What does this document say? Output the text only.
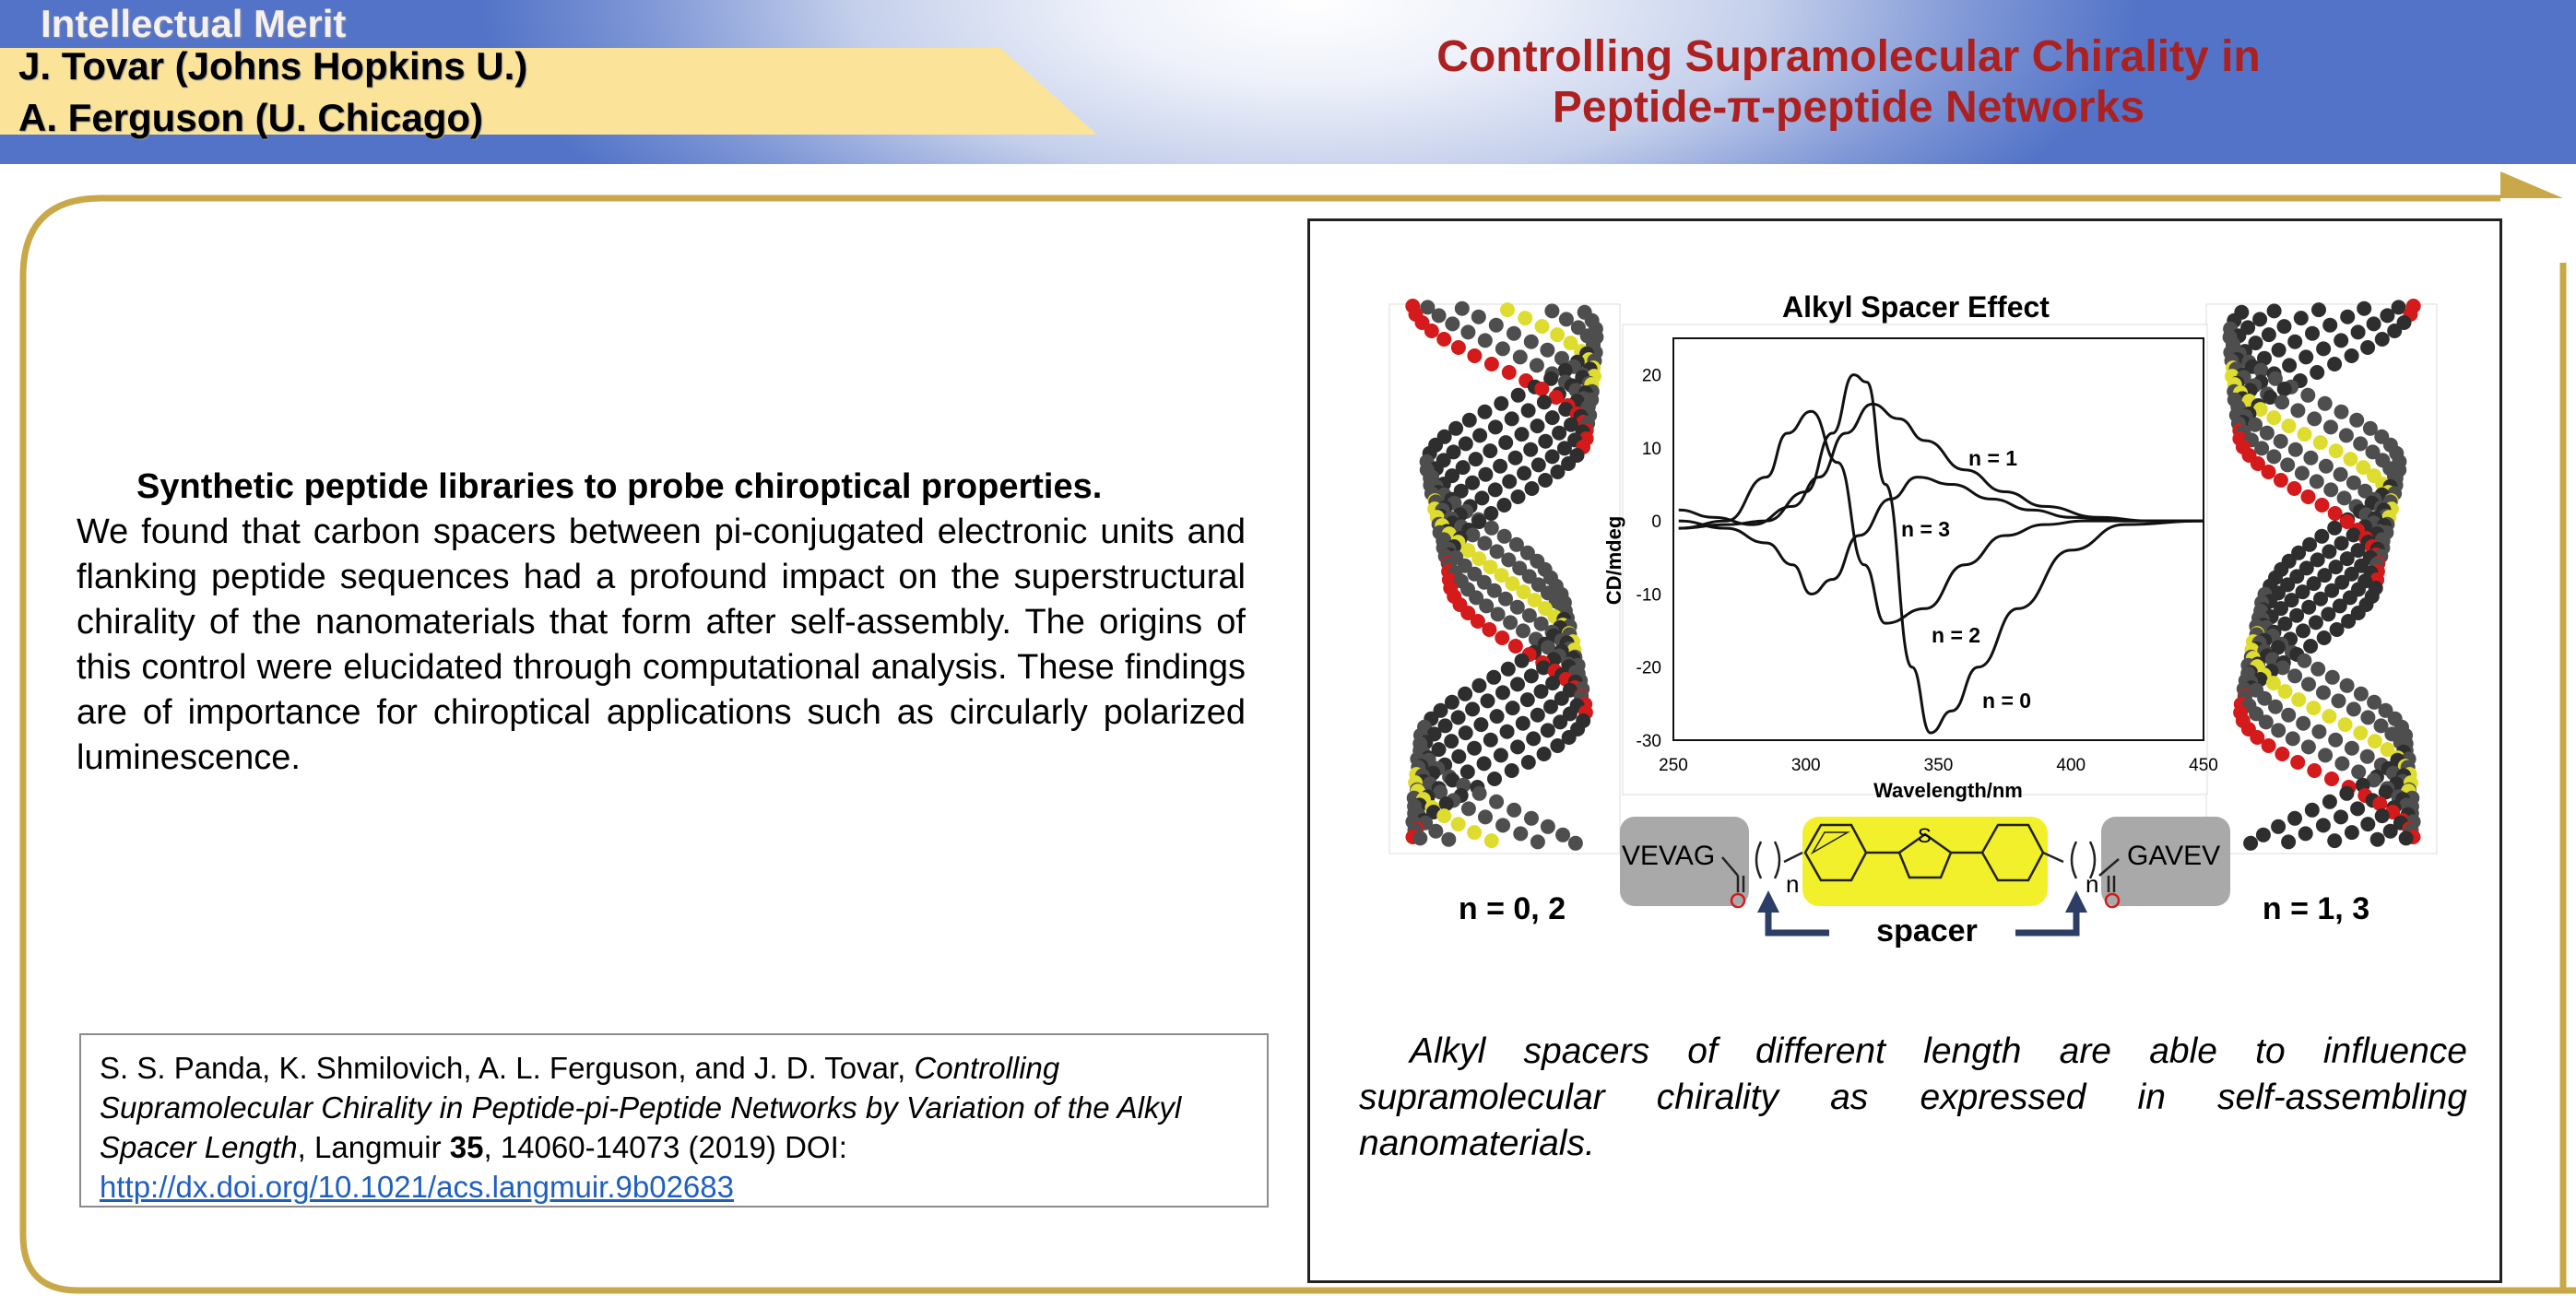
Intellectual Merit
J. Tovar (Johns Hopkins U.)
A. Ferguson (U. Chicago)
Controlling Supramolecular Chirality in
Peptide-π-peptide Networks
Synthetic peptide libraries to probe chiroptical properties.
We found that carbon spacers between pi-conjugated electronic units and flanking peptide sequences had a profound impact on the superstructural chirality of the nanomaterials that form after self-assembly. The origins of this control were elucidated through computational analysis. These findings are of importance for chiroptical applications such as circularly polarized luminescence.
S. S. Panda, K. Shmilovich, A. L. Ferguson, and J. D. Tovar, Controlling Supramolecular Chirality in Peptide-pi-Peptide Networks by Variation of the Alkyl Spacer Length, Langmuir 35, 14060-14073 (2019) DOI:
http://dx.doi.org/10.1021/acs.langmuir.9b02683
Alkyl Spacer Effect
250	300	350	400	450
20
10
0
-10
-20
-30
Wavelength/nm
CD/mdeg
n = 1
n = 3
n = 2
n = 0
VEVAG	GAVEV
S
n	n
spacer
n = 0, 2	n = 1, 3
Alkyl spacers of different length are able to influence supramolecular chirality as expressed in self-assembling nanomaterials.
